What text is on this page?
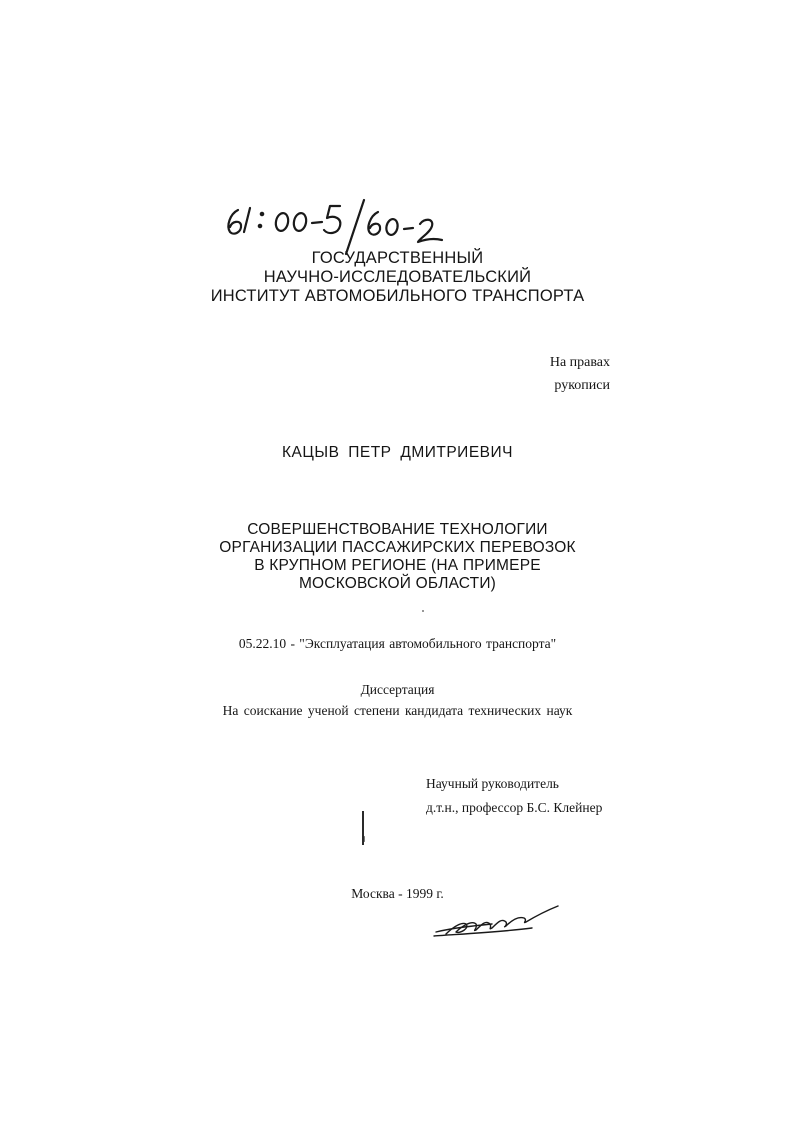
ГОСУДАРСТВЕННЫЙ
НАУЧНО-ИССЛЕДОВАТЕЛЬСКИЙ
ИНСТИТУТ АВТОМОБИЛЬНОГО ТРАНСПОРТА
На правах
рукописи
КАЦЫВ ПЕТР ДМИТРИЕВИЧ
СОВЕРШЕНСТВОВАНИЕ ТЕХНОЛОГИИ
ОРГАНИЗАЦИИ ПАССАЖИРСКИХ ПЕРЕВОЗОК
В КРУПНОМ РЕГИОНЕ (НА ПРИМЕРЕ
МОСКОВСКОЙ ОБЛАСТИ)
05.22.10 - "Эксплуатация автомобильного транспорта"
Диссертация
На соискание ученой степени кандидата технических наук
Научный руководитель
д.т.н., профессор Б.С. Клейнер
Москва - 1999 г.
